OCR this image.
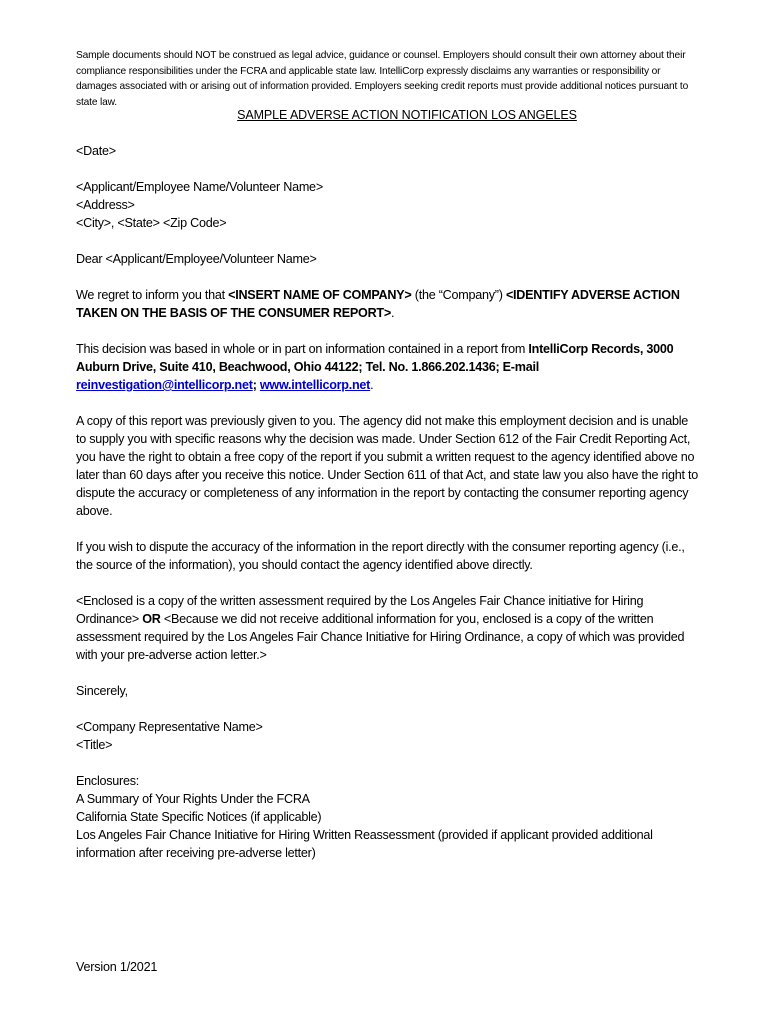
Sample documents should NOT be construed as legal advice, guidance or counsel. Employers should consult their own attorney about their compliance responsibilities under the FCRA and applicable state law. IntelliCorp expressly disclaims any warranties or responsibility or damages associated with or arising out of information provided. Employers seeking credit reports must provide additional notices pursuant to state law.
SAMPLE ADVERSE ACTION NOTIFICATION LOS ANGELES

<Date>

<Applicant/Employee Name/Volunteer Name>
<Address>
<City>, <State> <Zip Code>

Dear <Applicant/Employee/Volunteer Name>

We regret to inform you that <INSERT NAME OF COMPANY> (the “Company”) <IDENTIFY ADVERSE ACTION TAKEN ON THE BASIS OF THE CONSUMER REPORT>.

This decision was based in whole or in part on information contained in a report from IntelliCorp Records, 3000 Auburn Drive, Suite 410, Beachwood, Ohio 44122; Tel. No. 1.866.202.1436; E-mail reinvestigation@intellicorp.net; www.intellicorp.net.

A copy of this report was previously given to you. The agency did not make this employment decision and is unable to supply you with specific reasons why the decision was made. Under Section 612 of the Fair Credit Reporting Act, you have the right to obtain a free copy of the report if you submit a written request to the agency identified above no later than 60 days after you receive this notice. Under Section 611 of that Act, and state law you also have the right to dispute the accuracy or completeness of any information in the report by contacting the consumer reporting agency above.

If you wish to dispute the accuracy of the information in the report directly with the consumer reporting agency (i.e., the source of the information), you should contact the agency identified above directly.

<Enclosed is a copy of the written assessment required by the Los Angeles Fair Chance initiative for Hiring Ordinance> OR <Because we did not receive additional information for you, enclosed is a copy of the written assessment required by the Los Angeles Fair Chance Initiative for Hiring Ordinance, a copy of which was provided with your pre-adverse action letter.>

Sincerely,

<Company Representative Name>
<Title>
Enclosures:
A Summary of Your Rights Under the FCRA
California State Specific Notices (if applicable)
Los Angeles Fair Chance Initiative for Hiring Written Reassessment (provided if applicant provided additional information after receiving pre-adverse letter)
Version 1/2021
